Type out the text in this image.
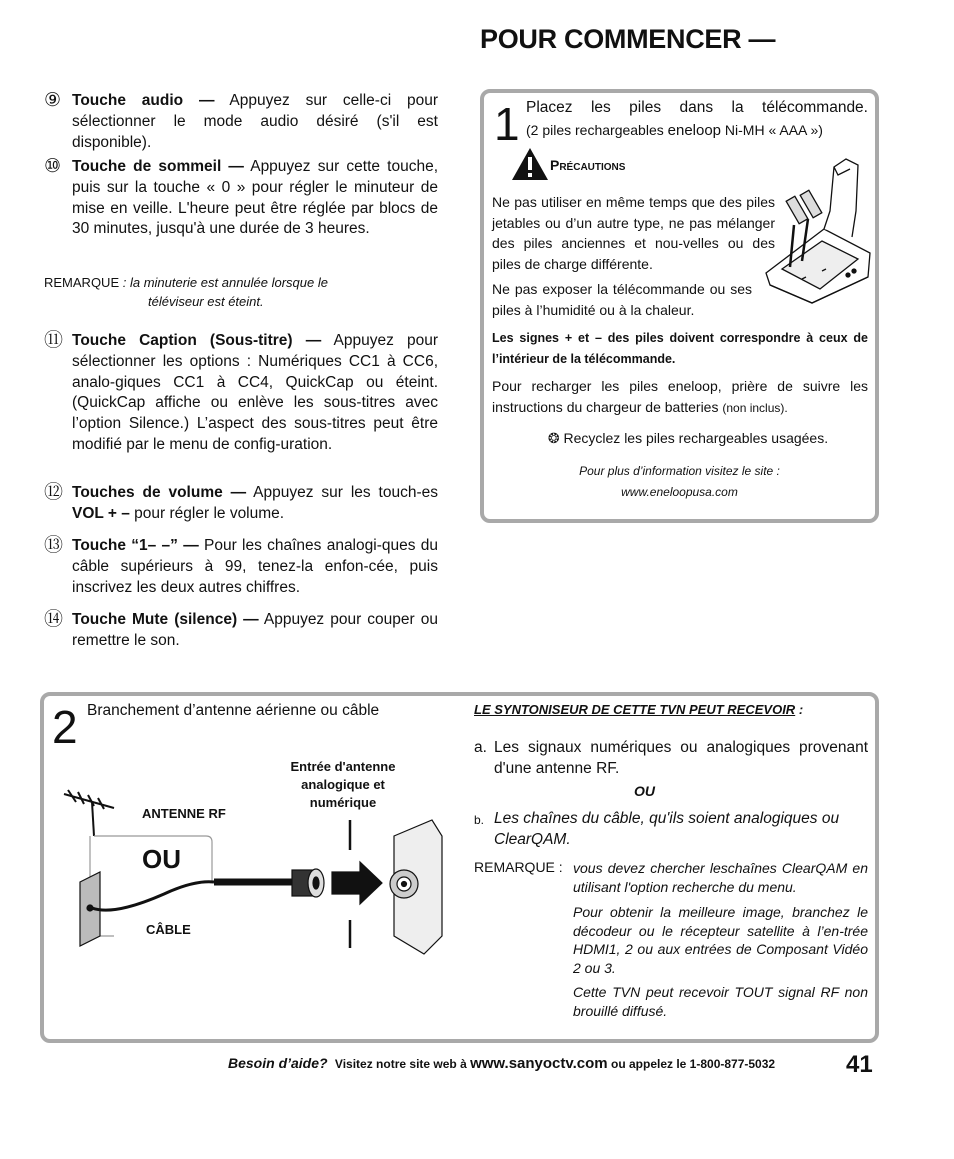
POUR COMMENCER —
⑨ Touche audio — Appuyez sur celle-ci pour sélectionner le mode audio désiré (s'il est disponible).
⑩ Touche de sommeil — Appuyez sur cette touche, puis sur la touche « 0 » pour régler le minuteur de mise en veille. L'heure peut être réglée par blocs de 30 minutes, jusqu'à une durée de 3 heures.
REMARQUE : la minuterie est annulée lorsque le
téléviseur est éteint.
⑪ Touche Caption (Sous-titre) — Appuyez pour sélectionner les options : Numériques CC1 à CC6, analo-giques CC1 à CC4, QuickCap ou éteint. (QuickCap affiche ou enlève les sous-titres avec l’option Silence.) L’aspect des sous-titres peut être modifié par le menu de config-uration.
⑫ Touches de volume — Appuyez sur les touch-es VOL + – pour régler le volume.
⑬ Touche “1– –” — Pour les chaînes analogi-ques du câble supérieurs à 99, tenez-la enfon-cée, puis inscrivez les deux autres chiffres.
⑭ Touche Mute (silence) — Appuyez pour couper ou remettre le son.
1 Placez les piles dans la télécommande.
(2 piles rechargeables eneloop Ni-MH « AAA »)
Précautions
Ne pas utiliser en même temps que des piles jetables ou d’un autre type, ne pas mélanger des piles anciennes et nou-velles ou des piles de charge différente.
Ne pas exposer la télécommande ou ses piles à l’humidité ou à la chaleur.
Les signes + et – des piles doivent correspondre à ceux de l’intérieur de la télécommande.
Pour recharger les piles eneloop, prière de suivre les instructions du chargeur de batteries (non inclus).
❂ Recyclez les piles rechargeables usagées.
Pour plus d’information visitez le site :
www.eneloopusa.com
2 Branchement d’antenne aérienne ou câble
Entrée d'antenne analogique et numérique
ANTENNE RF
OU
CÂBLE
LE SYNTONISEUR DE CETTE TVN PEUT RECEVOIR :
a. Les signaux numériques ou analogiques provenant d'une antenne RF.
OU
b. Les chaînes du câble, qu'ils soient analogiques ou ClearQAM.
REMARQUE : vous devez chercher leschaînes ClearQAM en utilisant l'option recherche du menu.
Pour obtenir la meilleure image, branchez le décodeur ou le récepteur satellite à l’en-trée HDMI1, 2 ou aux entrées de Composant Vidéo 2 ou 3.
Cette TVN peut recevoir TOUT signal RF non brouillé diffusé.
Besoin d’aide? Visitez notre site web à www.sanyoctv.com ou appelez le 1-800-877-5032	41
